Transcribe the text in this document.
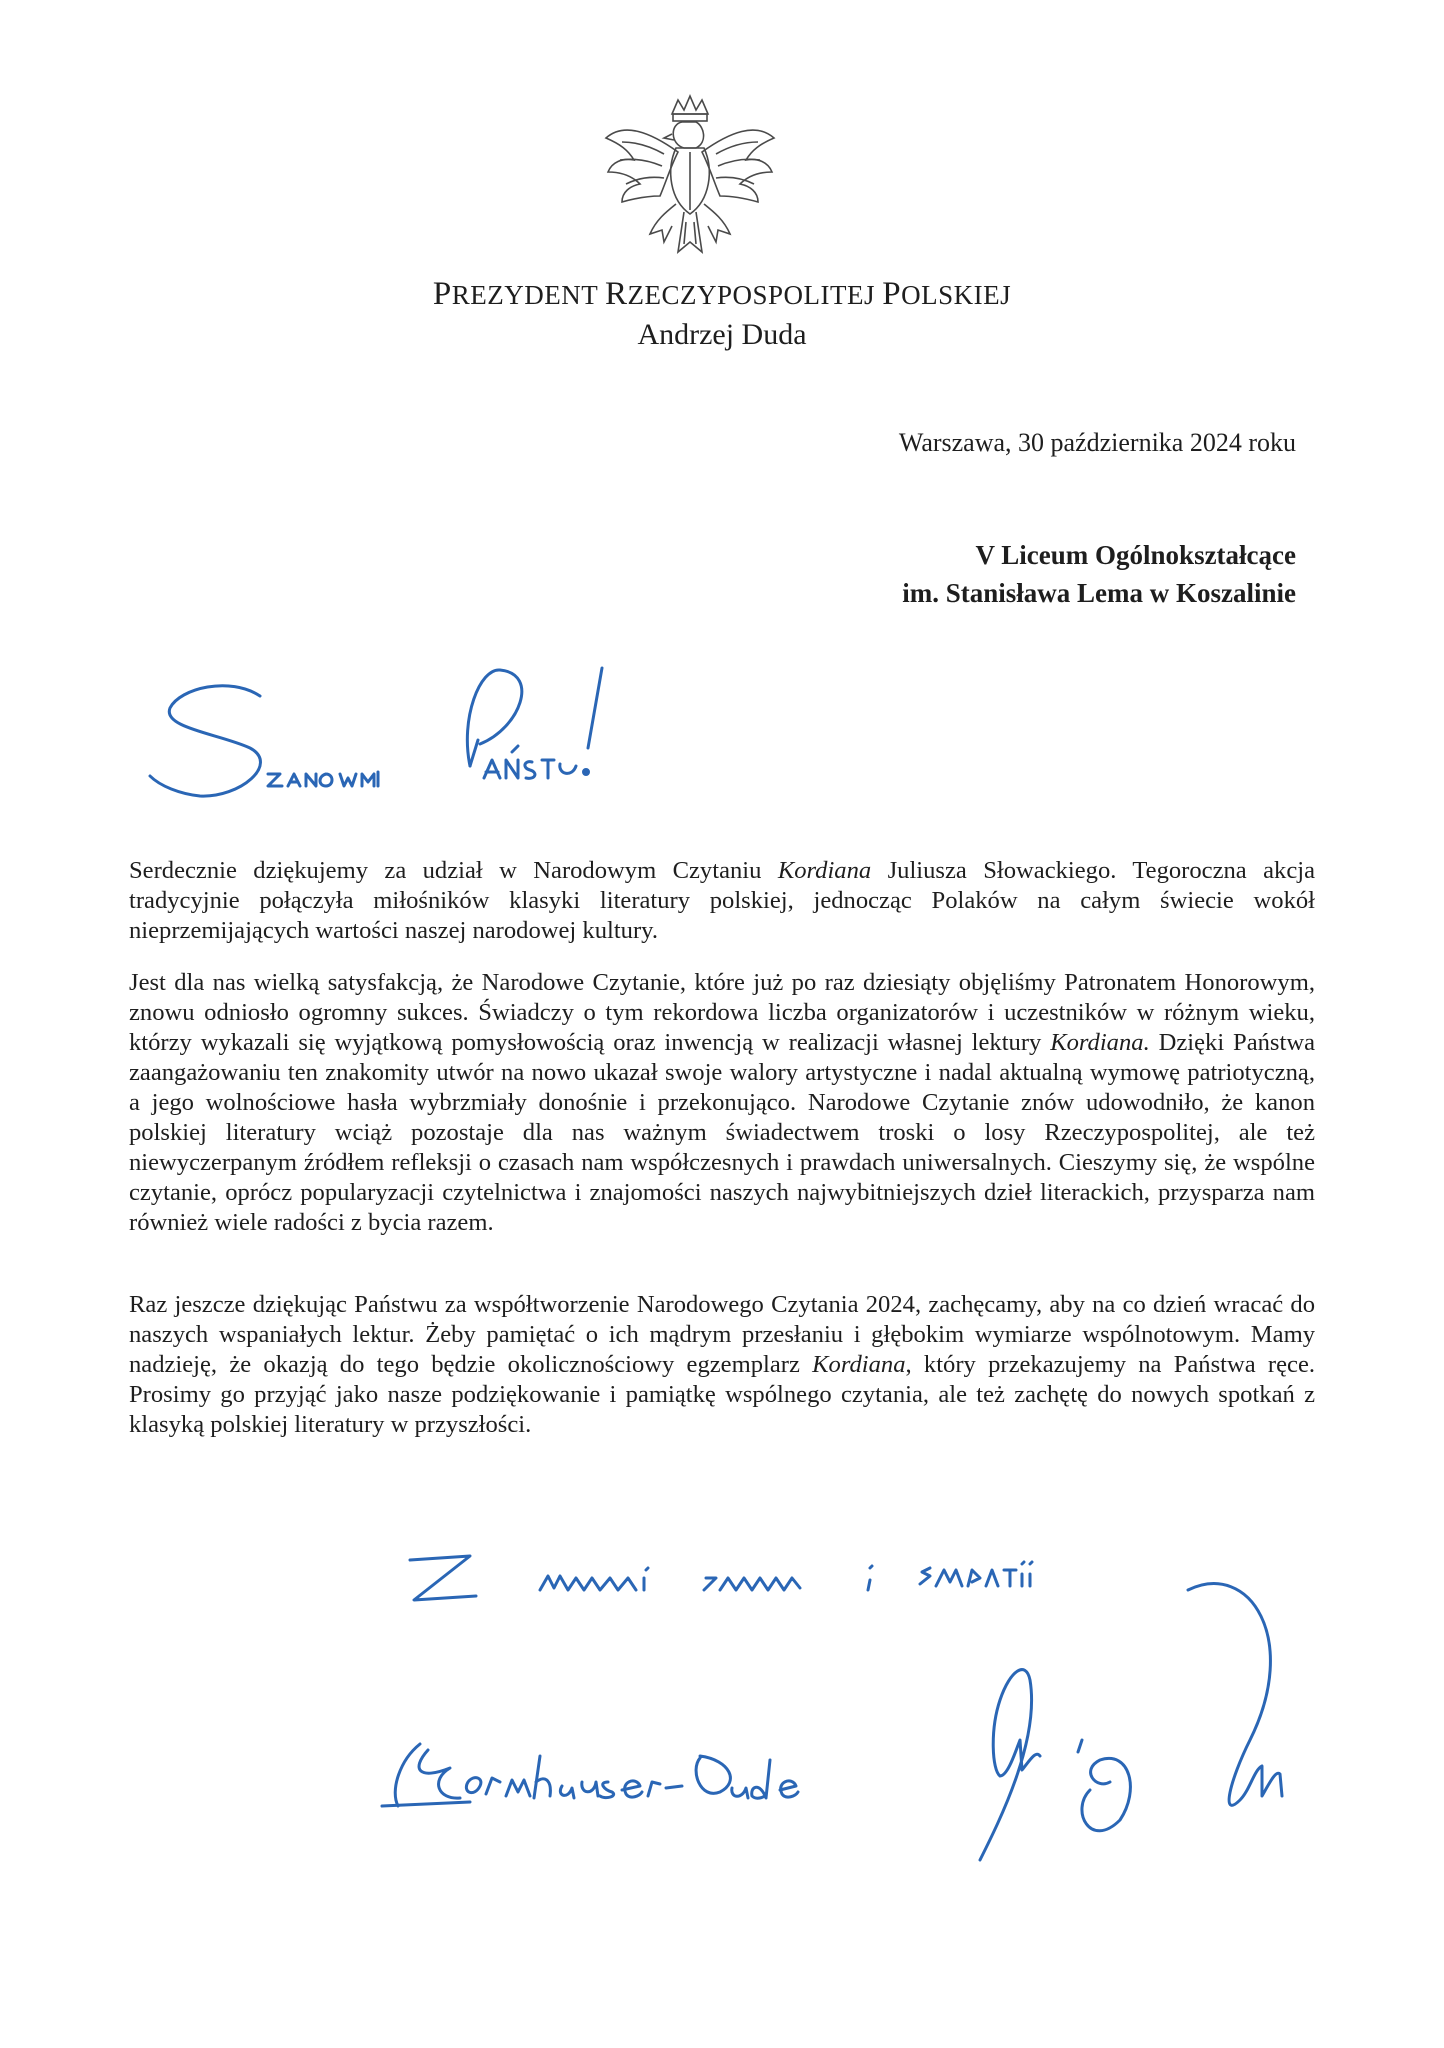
PREZYDENT RZECZYPOSPOLITEJ POLSKIEJ
Andrzej Duda
Warszawa, 30 października 2024 roku
V Liceum Ogólnokształcące
im. Stanisława Lema w Koszalinie
Serdecznie dziękujemy za udział w Narodowym Czytaniu Kordiana Juliusza Słowackiego. Tegoroczna akcja tradycyjnie połączyła miłośników klasyki literatury polskiej, jednocząc Polaków na całym świecie wokół nieprzemijających wartości naszej narodowej kultury.
Jest dla nas wielką satysfakcją, że Narodowe Czytanie, które już po raz dziesiąty objęliśmy Patronatem Honorowym, znowu odniosło ogromny sukces. Świadczy o tym rekordowa liczba organizatorów i uczestników w różnym wieku, którzy wykazali się wyjątkową pomysłowością oraz inwencją w realizacji własnej lektury Kordiana. Dzięki Państwa zaangażowaniu ten znakomity utwór na nowo ukazał swoje walory artystyczne i nadal aktualną wymowę patriotyczną, a jego wolnościowe hasła wybrzmiały donośnie i przekonująco. Narodowe Czytanie znów udowodniło, że kanon polskiej literatury wciąż pozostaje dla nas ważnym świadectwem troski o losy Rzeczypospolitej, ale też niewyczerpanym źródłem refleksji o czasach nam współczesnych i prawdach uniwersalnych. Cieszymy się, że wspólne czytanie, oprócz popularyzacji czytelnictwa i znajomości naszych najwybitniejszych dzieł literackich, przysparza nam również wiele radości z bycia razem.
Raz jeszcze dziękując Państwu za współtworzenie Narodowego Czytania 2024, zachęcamy, aby na co dzień wracać do naszych wspaniałych lektur. Żeby pamiętać o ich mądrym przesłaniu i głębokim wymiarze wspólnotowym. Mamy nadzieję, że okazją do tego będzie okolicznościowy egzemplarz Kordiana, który przekazujemy na Państwa ręce. Prosimy go przyjąć jako nasze podziękowanie i pamiątkę wspólnego czytania, ale też zachętę do nowych spotkań z klasyką polskiej literatury w przyszłości.
